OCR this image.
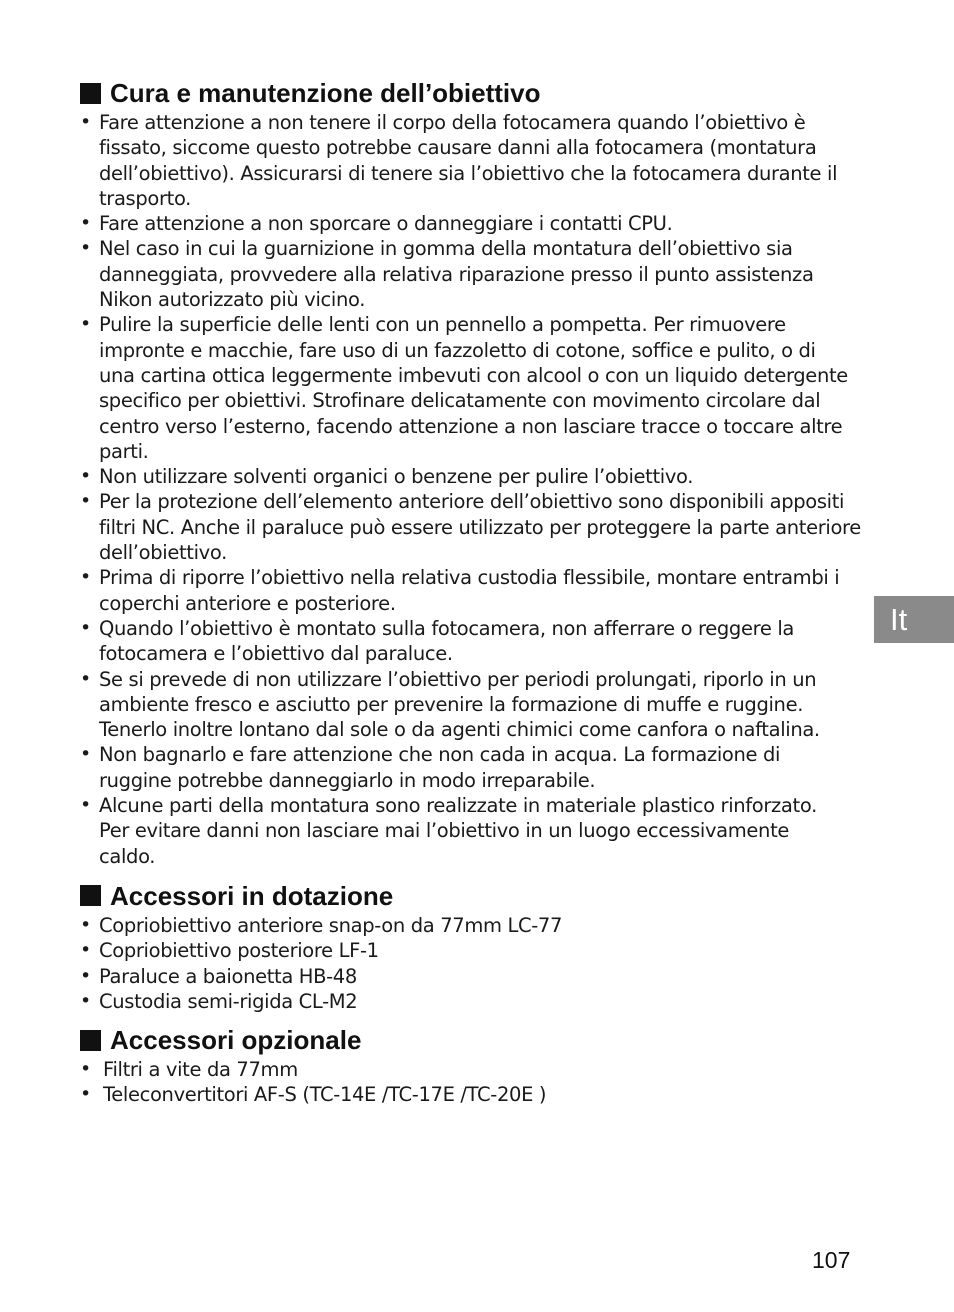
Cura e manutenzione dell’obiettivo
• Fare attenzione a non tenere il corpo della fotocamera quando l’obiettivo è
fissato, siccome questo potrebbe causare danni alla fotocamera (montatura
dell’obiettivo). Assicurarsi di tenere sia l’obiettivo che la fotocamera durante il
trasporto.
• Fare attenzione a non sporcare o danneggiare i contatti CPU.
• Nel caso in cui la guarnizione in gomma della montatura dell’obiettivo sia
danneggiata, provvedere alla relativa riparazione presso il punto assistenza
Nikon autorizzato più vicino.
• Pulire la superficie delle lenti con un pennello a pompetta. Per rimuovere
impronte e macchie, fare uso di un fazzoletto di cotone, soffice e pulito, o di
una cartina ottica leggermente imbevuti con alcool o con un liquido detergente
specifico per obiettivi. Strofinare delicatamente con movimento circolare dal
centro verso l’esterno, facendo attenzione a non lasciare tracce o toccare altre
parti.
• Non utilizzare solventi organici o benzene per pulire l’obiettivo.
• Per la protezione dell’elemento anteriore dell’obiettivo sono disponibili appositi
filtri NC. Anche il paraluce può essere utilizzato per proteggere la parte anteriore
dell’obiettivo.
• Prima di riporre l’obiettivo nella relativa custodia flessibile, montare entrambi i
coperchi anteriore e posteriore.
• Quando l’obiettivo è montato sulla fotocamera, non afferrare o reggere la
fotocamera e l’obiettivo dal paraluce.
• Se si prevede di non utilizzare l’obiettivo per periodi prolungati, riporlo in un
ambiente fresco e asciutto per prevenire la formazione di muffe e ruggine.
Tenerlo inoltre lontano dal sole o da agenti chimici come canfora o naftalina.
• Non bagnarlo e fare attenzione che non cada in acqua. La formazione di
ruggine potrebbe danneggiarlo in modo irreparabile.
• Alcune parti della montatura sono realizzate in materiale plastico rinforzato.
Per evitare danni non lasciare mai l’obiettivo in un luogo eccessivamente
caldo.
Accessori in dotazione
• Copriobiettivo anteriore snap-on da 77mm LC-77
• Copriobiettivo posteriore LF-1
• Paraluce a baionetta HB-48
• Custodia semi-rigida CL-M2
Accessori opzionale
• Filtri a vite da 77mm
• Teleconvertitori AF-S (TC-14E /TC-17E /TC-20E )
It
107
